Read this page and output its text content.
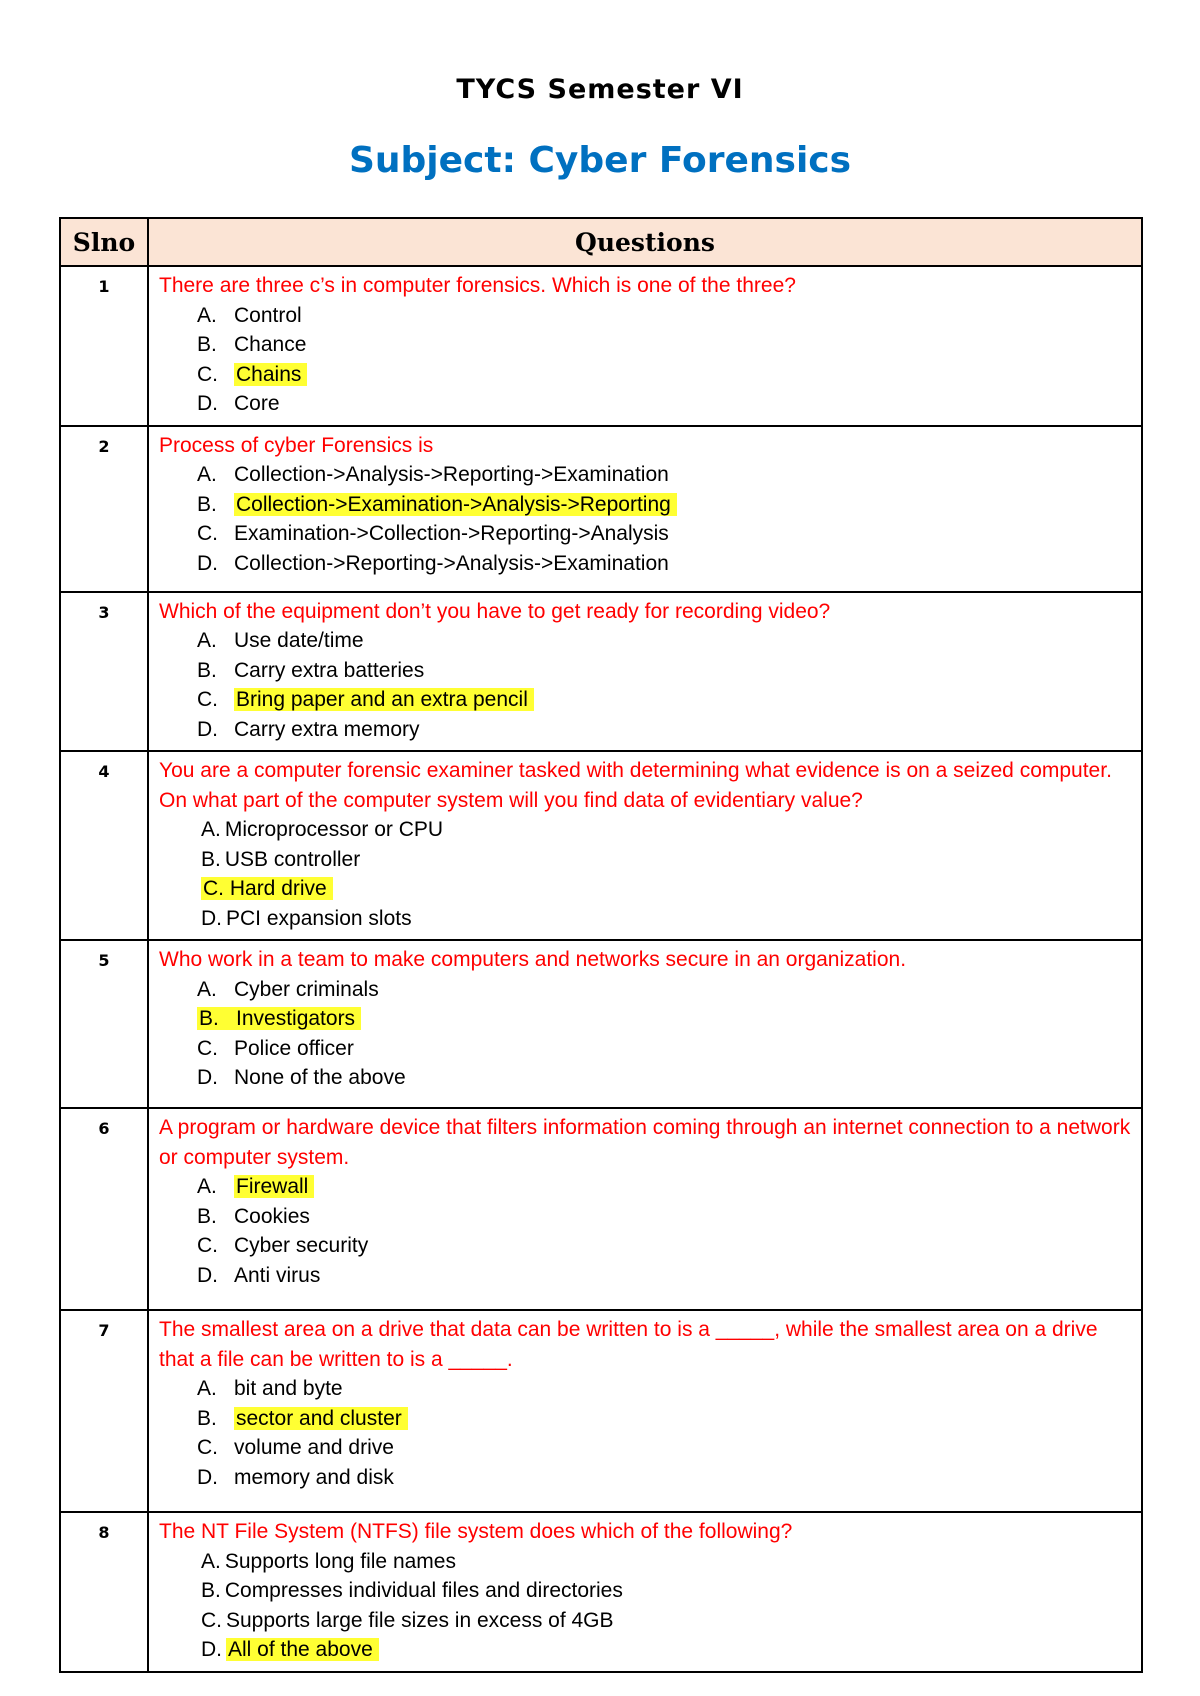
TYCS Semester VI
Subject: Cyber Forensics
Slno	Questions
1	There are three c’s in computer forensics. Which is one of the three?
A. Control
B. Chance
C. Chains
D. Core

2	Process of cyber Forensics is
A. Collection->Analysis->Reporting->Examination
B. Collection->Examination->Analysis->Reporting
C. Examination->Collection->Reporting->Analysis
D. Collection->Reporting->Analysis->Examination

3	Which of the equipment don’t you have to get ready for recording video?
A. Use date/time
B. Carry extra batteries
C. Bring paper and an extra pencil
D. Carry extra memory

4	You are a computer forensic examiner tasked with determining what evidence is on a seized computer. On what part of the computer system will you find data of evidentiary value?
A. Microprocessor or CPU
B. USB controller
C. Hard drive
D. PCI expansion slots

5	Who work in a team to make computers and networks secure in an organization.
A. Cyber criminals
B. Investigators
C. Police officer
D. None of the above

6	A program or hardware device that filters information coming through an internet connection to a network or computer system.
A. Firewall
B. Cookies
C. Cyber security
D. Anti virus

7	The smallest area on a drive that data can be written to is a _____, while the smallest area on a drive that a file can be written to is a _____.
A. bit and byte
B. sector and cluster
C. volume and drive
D. memory and disk

8	The NT File System (NTFS) file system does which of the following?
A. Supports long file names
B. Compresses individual files and directories
C. Supports large file sizes in excess of 4GB
D. All of the above
